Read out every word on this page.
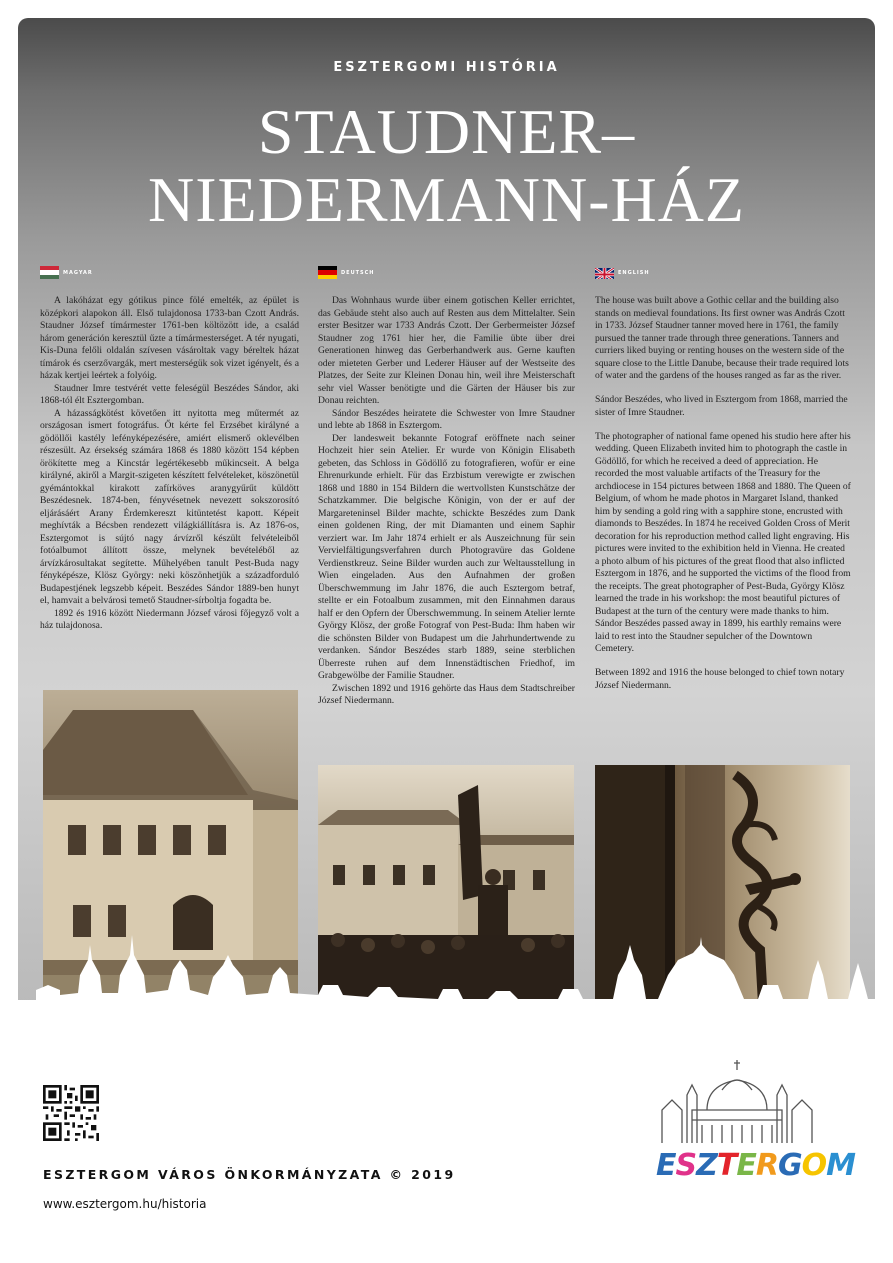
ESZTERGOMI HISTÓRIA
STAUDNER–
NIEDERMANN-HÁZ
MAGYAR	DEUTSCH	ENGLISH

A lakóházat egy gótikus pince fölé emelték, az épület is középkori alapokon áll. Első tulajdonosa 1733-ban Czott András. Staudner József tímármester 1761-ben költözött ide, a család három generáción keresztül űzte a tímármesterséget. A tér nyugati, Kis-Duna felőli oldalán szívesen vásároltak vagy béreltek házat tímárok és cserzővargák, mert mesterségük sok vizet igényelt, és a házak kertjei leértek a folyóig.

Staudner Imre testvérét vette feleségül Beszédes Sándor, aki 1868-tól élt Esztergomban.

A házasságkötést követően itt nyitotta meg műtermét az országosan ismert fotográfus. Őt kérte fel Erzsébet királyné a gödöllői kastély lefényképezésére, amiért elismerő oklevélben részesült. Az érsekség számára 1868 és 1880 között 154 képben örökítette meg a Kincstár legértékesebb műkincseit. A belga királyné, akiről a Margit-szigeten készített felvételeket, köszönetül gyémántokkal kirakott zafírköves aranygyűrűt küldött Beszédesnek. 1874-ben, fényvésetnek nevezett sokszorosító eljárásáért Arany Érdemkereszt kitüntetést kapott. Képeit meghívták a Bécsben rendezett világkiállításra is. Az 1876-os, Esztergomot is sújtó nagy árvízről készült felvételeiből fotóalbumot állított össze, melynek bevételéből az árvízkárosultakat segítette. Műhelyében tanult Pest-Buda nagy fényképésze, Klösz György: neki köszönhetjük a századforduló Budapestjének legszebb képeit. Beszédes Sándor 1889-ben hunyt el, hamvait a belvárosi temető Staudner-sírboltja fogadta be.

1892 és 1916 között Niedermann József városi főjegyző volt a ház tulajdonosa.

Das Wohnhaus wurde über einem gotischen Keller errichtet, das Gebäude steht also auch auf Resten aus dem Mittelalter. Sein erster Besitzer war 1733 András Czott. Der Gerbermeister József Staudner zog 1761 hier her, die Familie übte über drei Generationen hinweg das Gerberhandwerk aus. Gerne kauften oder mieteten Gerber und Lederer Häuser auf der Westseite des Platzes, der Seite zur Kleinen Donau hin, weil ihre Meisterschaft sehr viel Wasser benötigte und die Gärten der Häuser bis zur Donau reichten.

Sándor Beszédes heiratete die Schwester von Imre Staudner und lebte ab 1868 in Esztergom.

Der landesweit bekannte Fotograf eröffnete nach seiner Hochzeit hier sein Atelier. Er wurde von Königin Elisabeth gebeten, das Schloss in Gödöllő zu fotografieren, wofür er eine Ehrenurkunde erhielt. Für das Erzbistum verewigte er zwischen 1868 und 1880 in 154 Bildern die wertvollsten Kunstschätze der Schatzkammer. Die belgische Königin, von der er auf der Margareteninsel Bilder machte, schickte Beszédes zum Dank einen goldenen Ring, der mit Diamanten und einem Saphir verziert war. Im Jahr 1874 erhielt er als Auszeichnung für sein Vervielfältigungsverfahren durch Photogravüre das Goldene Verdienstkreuz. Seine Bilder wurden auch zur Weltausstellung in Wien eingeladen. Aus den Aufnahmen der großen Überschwemmung im Jahr 1876, die auch Esztergom betraf, stellte er ein Fotoalbum zusammen, mit den Einnahmen daraus half er den Opfern der Überschwemmung. In seinem Atelier lernte György Klösz, der große Fotograf von Pest-Buda: Ihm haben wir die schönsten Bilder von Budapest um die Jahrhundertwende zu verdanken. Sándor Beszédes starb 1889, seine sterblichen Überreste ruhen auf dem Innenstädtischen Friedhof, im Grabgewölbe der Familie Staudner.

Zwischen 1892 und 1916 gehörte das Haus dem Stadtschreiber József Niedermann.

The house was built above a Gothic cellar and the building also stands on medieval foundations. Its first owner was András Czott in 1733. József Staudner tanner moved here in 1761, the family pursued the tanner trade through three generations. Tanners and curriers liked buying or renting houses on the western side of the square close to the Little Danube, because their trade required lots of water and the gardens of the houses ranged as far as the river.

Sándor Beszédes, who lived in Esztergom from 1868, married the sister of Imre Staudner.

The photographer of national fame opened his studio here after his wedding. Queen Elizabeth invited him to photograph the castle in Gödöllő, for which he received a deed of appreciation. He recorded the most valuable artifacts of the Treasury for the archdiocese in 154 pictures between 1868 and 1880. The Queen of Belgium, of whom he made photos in Margaret Island, thanked him by sending a gold ring with a sapphire stone, encrusted with diamonds to Beszédes. In 1874 he received Golden Cross of Merit decoration for his reproduction method called light engraving. His pictures were invited to the exhibition held in Vienna. He created a photo album of his pictures of the great flood that also inflicted Esztergom in 1876, and he supported the victims of the flood from the receipts. The great photographer of Pest-Buda, György Klösz learned the trade in his workshop: the most beautiful pictures of Budapest at the turn of the century were made thanks to him. Sándor Beszédes passed away in 1899, his earthly remains were laid to rest into the Staudner sepulcher of the Downtown Cemetery.

Between 1892 and 1916 the house belonged to chief town notary József Niedermann.

ESZTERGOM VÁROS ÖNKORMÁNYZATA © 2019
www.esztergom.hu/historia
ESZTERGOM
